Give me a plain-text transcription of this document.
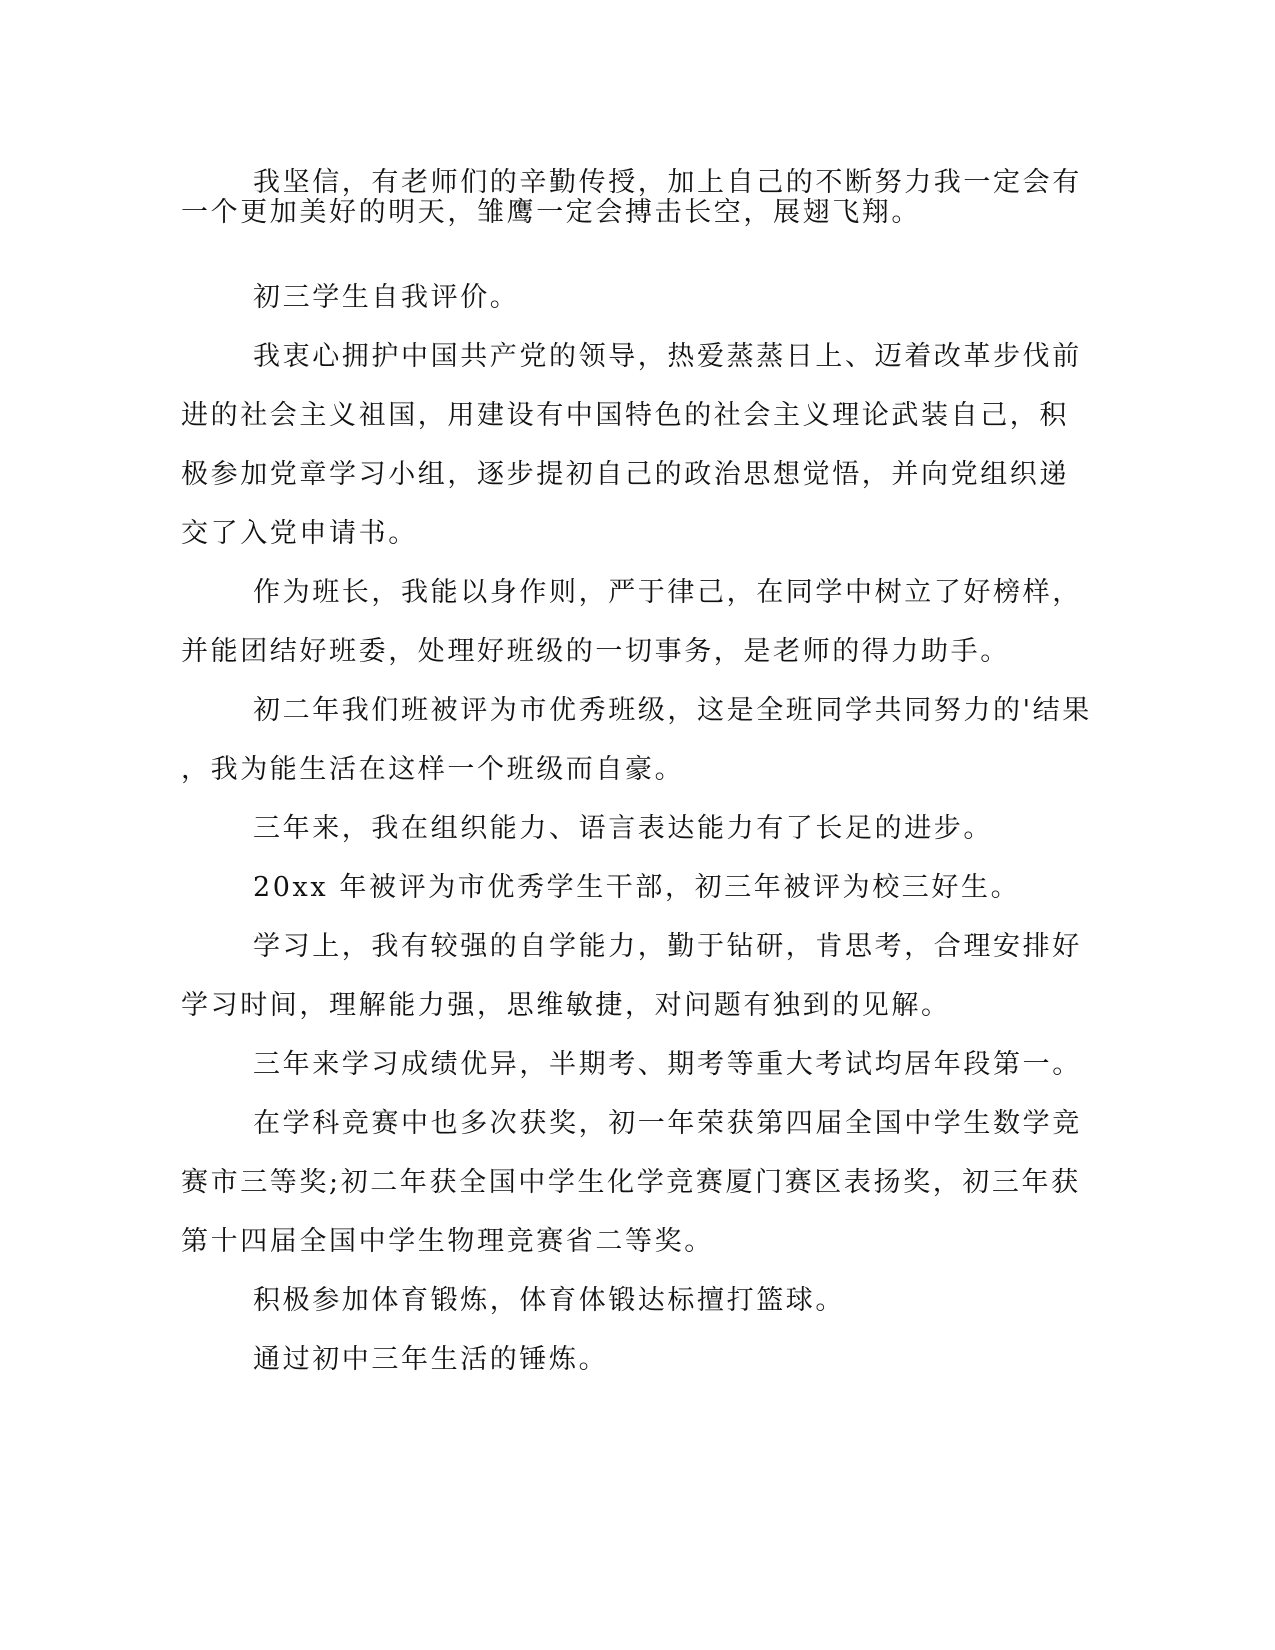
我坚信，有老师们的辛勤传授，加上自己的不断努力我一定会有
一个更加美好的明天，雏鹰一定会搏击长空，展翅飞翔。
初三学生自我评价。
我衷心拥护中国共产党的领导，热爱蒸蒸日上、迈着改革步伐前
进的社会主义祖国，用建设有中国特色的社会主义理论武装自己，积
极参加党章学习小组，逐步提初自己的政治思想觉悟，并向党组织递
交了入党申请书。
作为班长，我能以身作则，严于律己，在同学中树立了好榜样，
并能团结好班委，处理好班级的一切事务，是老师的得力助手。
初二年我们班被评为市优秀班级，这是全班同学共同努力的'结果
，我为能生活在这样一个班级而自豪。
三年来，我在组织能力、语言表达能力有了长足的进步。
20xx 年被评为市优秀学生干部，初三年被评为校三好生。
学习上，我有较强的自学能力，勤于钻研，肯思考，合理安排好
学习时间，理解能力强，思维敏捷，对问题有独到的见解。
三年来学习成绩优异，半期考、期考等重大考试均居年段第一。
在学科竞赛中也多次获奖，初一年荣获第四届全国中学生数学竞
赛市三等奖;初二年获全国中学生化学竞赛厦门赛区表扬奖，初三年获
第十四届全国中学生物理竞赛省二等奖。
积极参加体育锻炼，体育体锻达标擅打篮球。
通过初中三年生活的锤炼。
